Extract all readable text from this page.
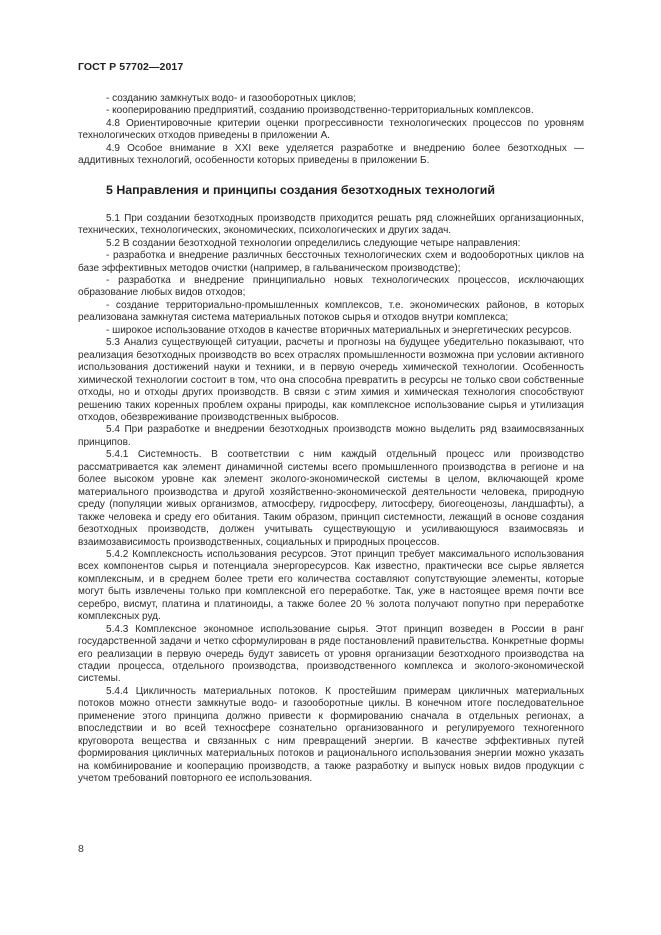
ГОСТ Р 57702—2017

- созданию замкнутых водо- и газооборотных циклов;

- кооперированию предприятий, созданию производственно-территориальных комплексов.

4.8 Ориентировочные критерии оценки прогрессивности технологических процессов по уровням технологических отходов приведены в приложении А.

4.9 Особое внимание в XXI веке уделяется разработке и внедрению более безотходных — аддитивных технологий, особенности которых приведены в приложении Б.

5 Направления и принципы создания безотходных технологий

5.1 При создании безотходных производств приходится решать ряд сложнейших организационных, технических, технологических, экономических, психологических и других задач.

5.2 В создании безотходной технологии определились следующие четыре направления:

- разработка и внедрение различных бессточных технологических схем и водооборотных циклов на базе эффективных методов очистки (например, в гальваническом производстве);

- разработка и внедрение принципиально новых технологических процессов, исключающих образование любых видов отходов;

- создание территориально-промышленных комплексов, т.е. экономических районов, в которых реализована замкнутая система материальных потоков сырья и отходов внутри комплекса;

- широкое использование отходов в качестве вторичных материальных и энергетических ресурсов.

5.3 Анализ существующей ситуации, расчеты и прогнозы на будущее убедительно показывают, что реализация безотходных производств во всех отраслях промышленности возможна при условии активного использования достижений науки и техники, и в первую очередь химической технологии. Особенность химической технологии состоит в том, что она способна превратить в ресурсы не только свои собственные отходы, но и отходы других производств. В связи с этим химия и химическая технология способствуют решению таких коренных проблем охраны природы, как комплексное использование сырья и утилизация отходов, обезвреживание производственных выбросов.

5.4 При разработке и внедрении безотходных производств можно выделить ряд взаимосвязанных принципов.

5.4.1 Системность. В соответствии с ним каждый отдельный процесс или производство рассматривается как элемент динамичной системы всего промышленного производства в регионе и на более высоком уровне как элемент эколого-экономической системы в целом, включающей кроме материального производства и другой хозяйственно-экономической деятельности человека, природную среду (популяции живых организмов, атмосферу, гидросферу, литосферу, биогеоценозы, ландшафты), а также человека и среду его обитания. Таким образом, принцип системности, лежащий в основе создания безотходных производств, должен учитывать существующую и усиливающуюся взаимосвязь и взаимозависимость производственных, социальных и природных процессов.

5.4.2 Комплексность использования ресурсов. Этот принцип требует максимального использования всех компонентов сырья и потенциала энергоресурсов. Как известно, практически все сырье является комплексным, и в среднем более трети его количества составляют сопутствующие элементы, которые могут быть извлечены только при комплексной его переработке. Так, уже в настоящее время почти все серебро, висмут, платина и платиноиды, а также более 20 % золота получают попутно при переработке комплексных руд.

5.4.3 Комплексное экономное использование сырья. Этот принцип возведен в России в ранг государственной задачи и четко сформулирован в ряде постановлений правительства. Конкретные формы его реализации в первую очередь будут зависеть от уровня организации безотходного производства на стадии процесса, отдельного производства, производственного комплекса и эколого-экономической системы.

5.4.4 Цикличность материальных потоков. К простейшим примерам цикличных материальных потоков можно отнести замкнутые водо- и газооборотные циклы. В конечном итоге последовательное применение этого принципа должно привести к формированию сначала в отдельных регионах, а впоследствии и во всей техносфере сознательно организованного и регулируемого техногенного круговорота вещества и связанных с ним превращений энергии. В качестве эффективных путей формирования цикличных материальных потоков и рационального использования энергии можно указать на комбинирование и кооперацию производств, а также разработку и выпуск новых видов продукции с учетом требований повторного ее использования.

8
